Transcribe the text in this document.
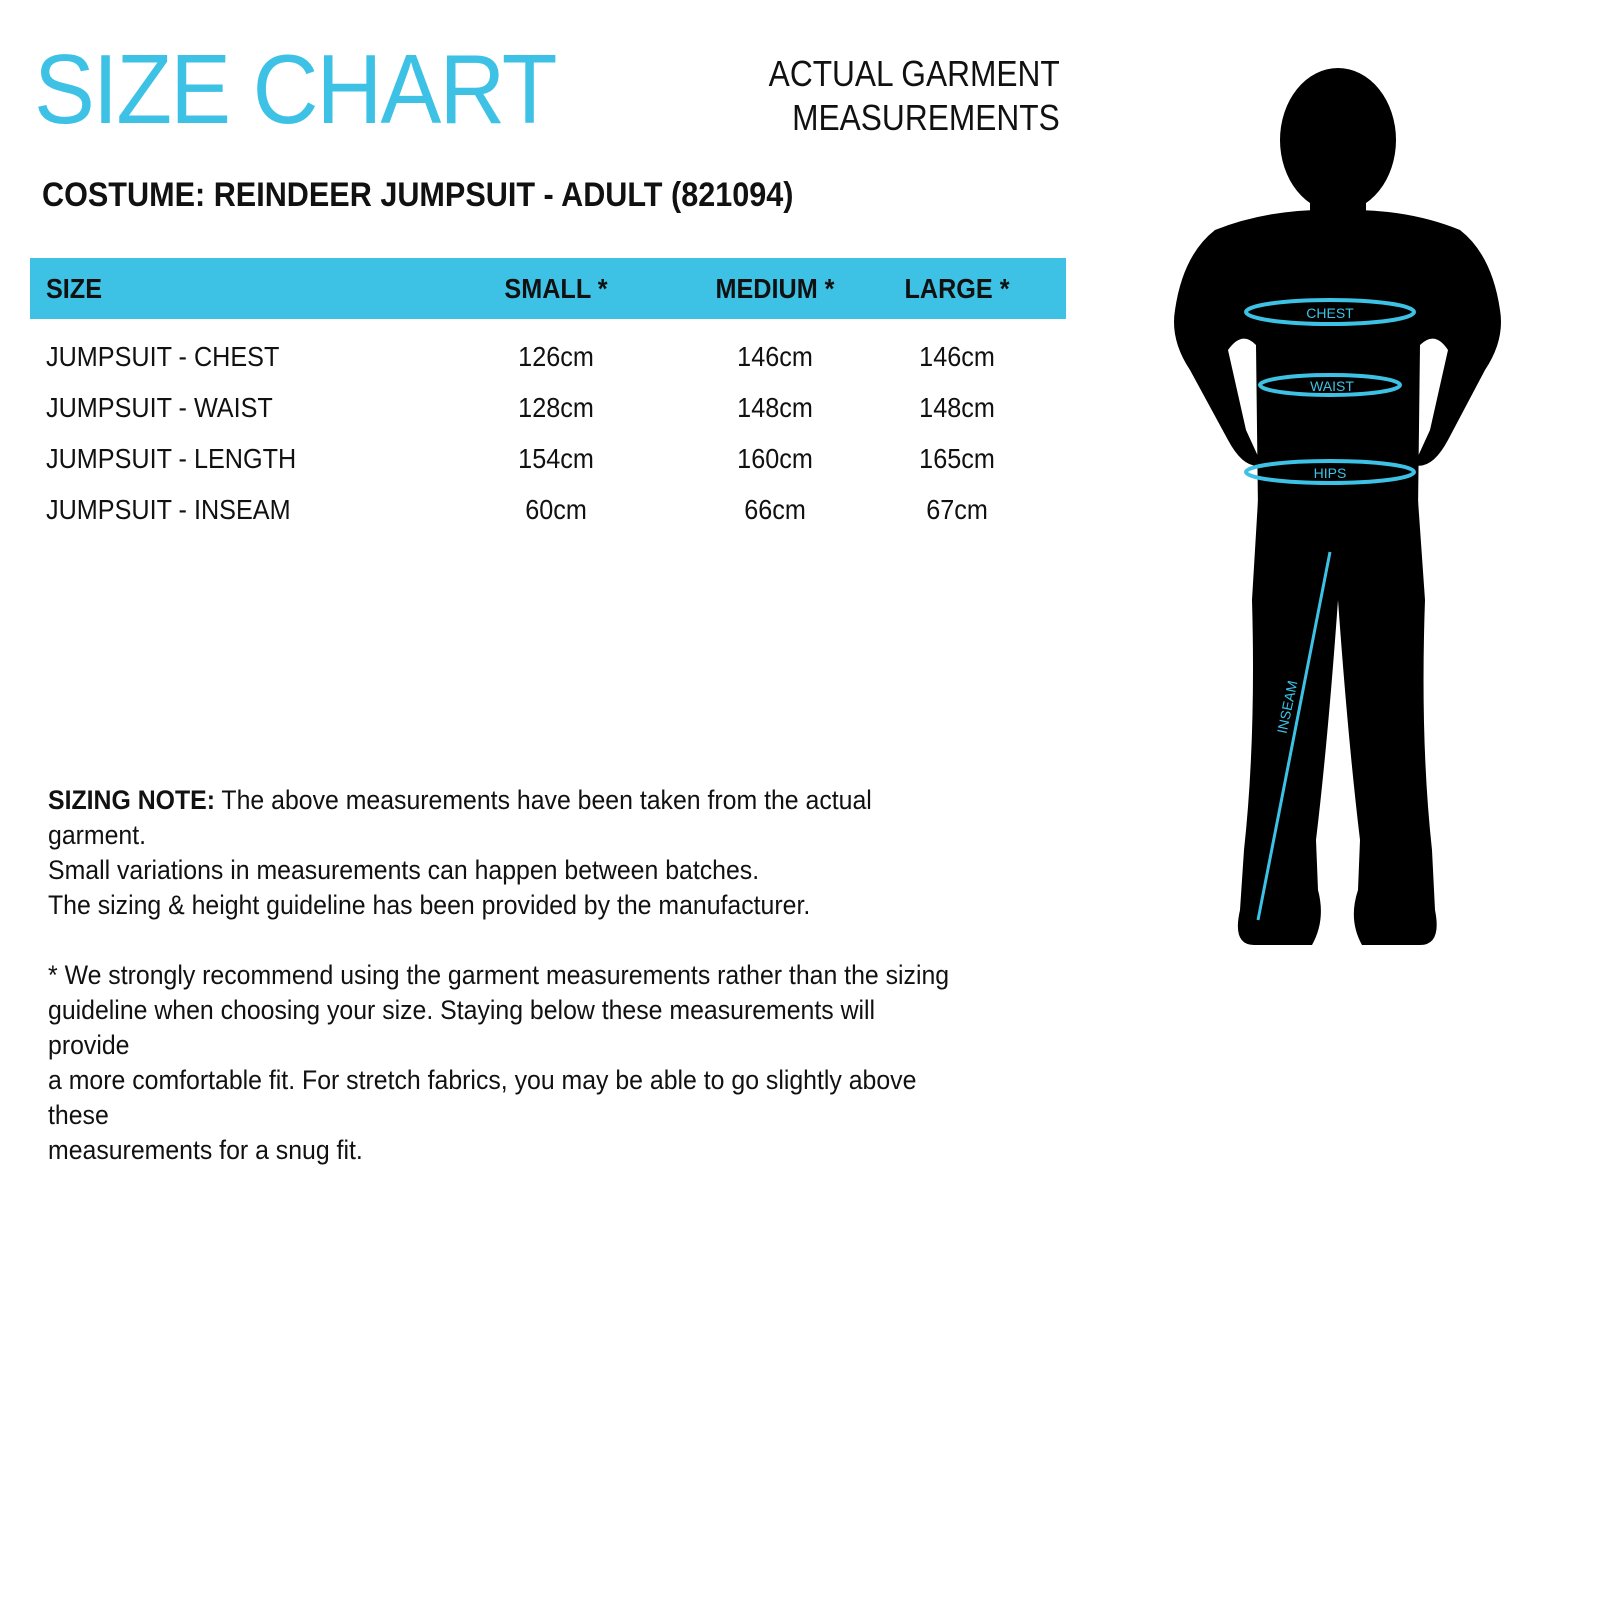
SIZE CHART	ACTUAL GARMENT
MEASUREMENTS
COSTUME: REINDEER JUMPSUIT - ADULT (821094)
SIZE	SMALL *	MEDIUM * LARGE *
JUMPSUIT - CHEST	126cm	146cm	146cm
JUMPSUIT - WAIST	128cm	148cm	148cm
JUMPSUIT - LENGTH	154cm	160cm	165cm
JUMPSUIT - INSEAM	60cm	66cm	67cm

SIZING NOTE: The above measurements have been taken from the actual garment.

Small variations in measurements can happen between batches.

The sizing & height guideline has been provided by the manufacturer.

* We strongly recommend using the garment measurements rather than the sizing

guideline when choosing your size. Staying below these measurements will provide

a more comfortable fit. For stretch fabrics, you may be able to go slightly above these

measurements for a snug fit.

CHEST
WAIST
HIPS
INSEAM
